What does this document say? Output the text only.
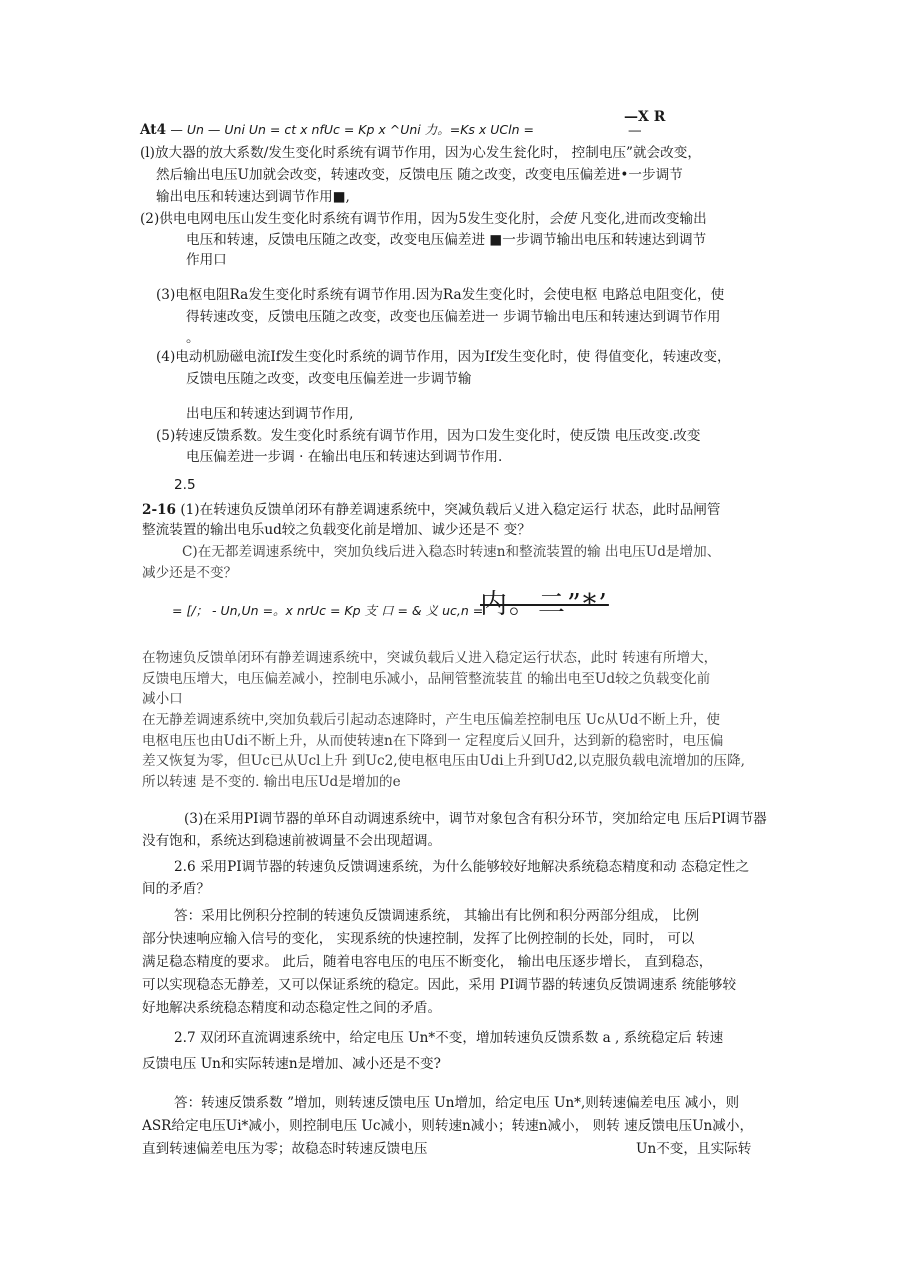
—X R
At4 — Un — Uni Un = ct x nfUc = Kp x ^Uni 力。=Ks x UCln =	—
(l)放大器的放大系数/发生变化时系统有调节作用，因为心发生瓮化时， 控制电压”就会改变，
然后输出电压U加就会改变，转速改变，反馈电压 随之改变，改变电压偏差进•一步调节
输出电压和转速达到调节作用■,
(2)供电电网电压山发生变化时系统有调节作用，因为5发生变化肘，会使 凡变化,进而改变输出
电压和转速，反馈电压随之改变，改变电压偏差进 ■一步调节输出电压和转速达到调节
作用口
(3)电枢电阻Ra发生变化时系统有调节作用.因为Ra发生变化时，会使电枢 电路总电阻变化，使
得转速改变，反馈电压随之改变，改变也压偏差进一 步调节输出电压和转速达到调节作用
。
(4)电动机励磁电流If发生变化时系统的调节作用，因为If发生变化时，使 得值变化，转速改变，
反馈电压随之改变，改变电压偏差进一步调节输
出电压和转速达到调节作用,
(5)转速反馈系数。发生变化时系统有调节作用，因为口发生变化时，使反馈 电压改变.改变
电压偏差进一步调 · 在输出电压和转速达到调节作用.
2.5
2-16 (1)在转速负反馈单闭环有静差调速系统中，突减负载后乂进入稳定运行 状态，此时品闸管
整流装置的输出电乐ud较之负载变化前是增加、诚少还是不 变？
C)在无都差调速系统中，突加负线后进入稳态时转速n和整流装置的输 出电压Ud是增加、
减少还是不变？
= [/； - Un,Un =。x nrUc = Kp 支 口 = & 义 uc,n =
内。二”*’
在物速负反馈单闭环有静差调速系统中，突诚负载后乂进入稳定运行状态，此时 转速有所增大，
反馈电压增大，电压偏差减小，控制电乐减小，品闸管整流装苴 的输出电至Ud较之负载变化前
减小口
在无静差调速系统中,突加负载后引起动态速降时，产生电压偏差控制电压 Uc从Ud不断上升，使
电枢电压也由Udi不断上升，从而使转速n在下降到一 定程度后乂回升，达到新的稳密时，电压偏
差又恢复为零，但Uc已从Ucl上升 到Uc2,使电枢电压由Udi上升到Ud2,以克服负载电流增加的压降,
所以转速 是不变的. 输出电压Ud是增加的e
(3)在采用PI调节器的单环自动调速系统中，调节对象包含有积分环节，突加给定电 压后PI调节器
没有饱和，系统达到稳速前被调量不会出现超调。
2.6 采用PI调节器的转速负反馈调速系统，为什么能够较好地解决系统稳态精度和动 态稳定性之
间的矛盾？
答：采用比例积分控制的转速负反馈调速系统， 其输出有比例和积分两部分组成， 比例
部分快速响应输入信号的变化， 实现系统的快速控制，发挥了比例控制的长处，同时， 可以
满足稳态精度的要求。 此后，随着电容电压的电压不断变化， 输出电压逐步增长， 直到稳态，
可以实现稳态无静差，又可以保证系统的稳定。因此，采用 PI调节器的转速负反馈调速系 统能够较
好地解决系统稳态精度和动态稳定性之间的矛盾。
2.7 双闭环直流调速系统中，给定电压 Un*不变，增加转速负反馈系数 a , 系统稳定后 转速
反馈电压 Un和实际转速n是增加、减小还是不变?
答：转速反馈系数 ”增加，则转速反馈电压 Un增加，给定电压 Un*,则转速偏差电压 减小，则
ASR给定电压Ui*减小，则控制电压 Uc减小，则转速n减小；转速n减小， 则转 速反馈电压Un减小，
直到转速偏差电压为零；故稳态时转速反馈电压	Un不变，且实际转
